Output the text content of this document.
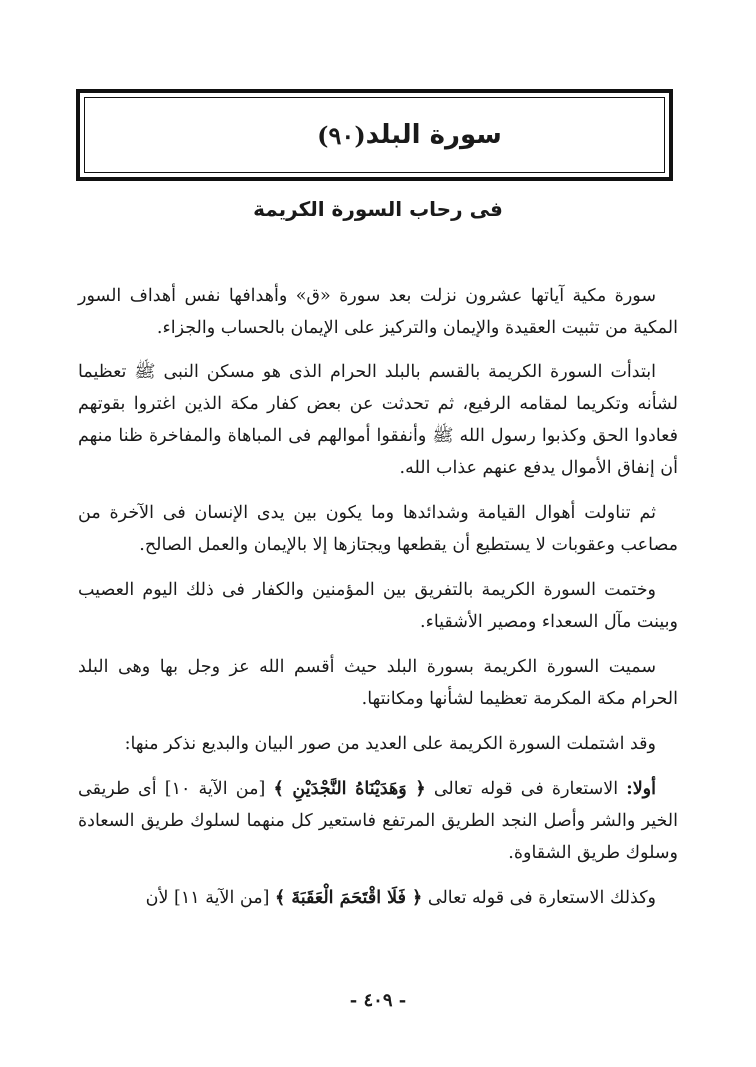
سورة البلد
(٩٠)
فى رحاب السورة الكريمة

سورة مكية آياتها عشرون نزلت بعد سورة «ق» وأهدافها نفس أهداف السور المكية من تثبيت العقيدة والإيمان والتركيز على الإيمان بالحساب والجزاء.

ابتدأت السورة الكريمة بالقسم بالبلد الحرام الذى هو مسكن النبى ﷺ تعظيما لشأنه وتكريما لمقامه الرفيع، ثم تحدثت عن بعض كفار مكة الذين اغتروا بقوتهم فعادوا الحق وكذبوا رسول الله ﷺ وأنفقوا أموالهم فى المباهاة والمفاخرة ظنا منهم أن إنفاق الأموال يدفع عنهم عذاب الله.

ثم تناولت أهوال القيامة وشدائدها وما يكون بين يدى الإنسان فى الآخرة من مصاعب وعقوبات لا يستطيع أن يقطعها ويجتازها إلا بالإيمان والعمل الصالح.

وختمت السورة الكريمة بالتفريق بين المؤمنين والكفار فى ذلك اليوم العصيب وبينت مآل السعداء ومصير الأشقياء.

سميت السورة الكريمة بسورة البلد حيث أقسم الله عز وجل بها وهى البلد الحرام مكة المكرمة تعظيما لشأنها ومكانتها.

وقد اشتملت السورة الكريمة على العديد من صور البيان والبديع نذكر منها:

أولا: الاستعارة فى قوله تعالى ﴿ وَهَدَيْنَاهُ النَّجْدَيْنِ ﴾ [من الآية ١٠] أى طريقى الخير والشر وأصل النجد الطريق المرتفع فاستعير كل منهما لسلوك طريق السعادة وسلوك طريق الشقاوة.

وكذلك الاستعارة فى قوله تعالى ﴿ فَلَا اقْتَحَمَ الْعَقَبَةَ ﴾ [من الآية ١١] لأن

- ٤٠٩ -
